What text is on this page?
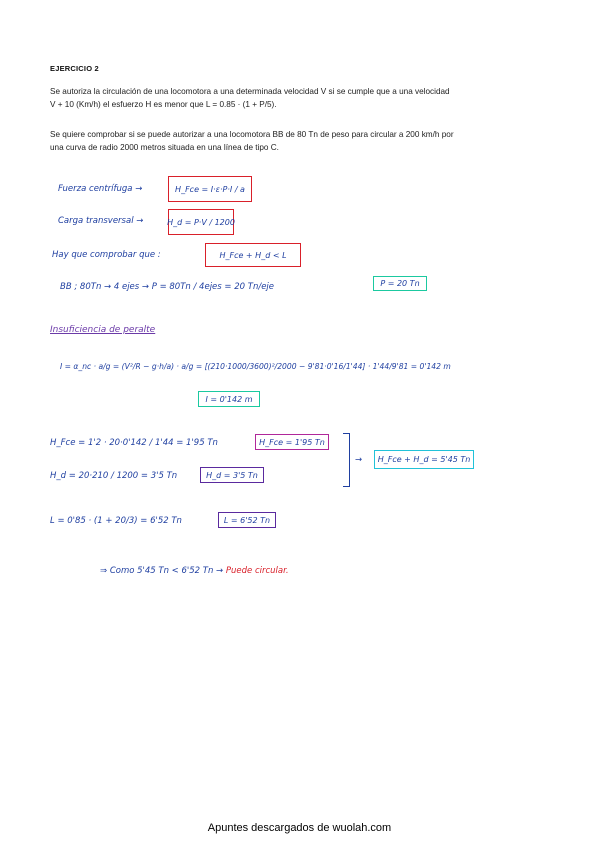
EJERCICIO 2
Se autoriza la circulación de una locomotora a una determinada velocidad V si se cumple que a una velocidad
V + 10 (Km/h) el esfuerzo H es menor que L = 0.85 · (1 + P/5).
Se quiere comprobar si se puede autorizar a una locomotora BB de 80 Tn de peso para circular a 200 km/h por
una curva de radio 2000 metros situada en una línea de tipo C.
Fuerza centrífuga →	H_Fce = I·ε·P·I / a
Carga transversal →	H_d = P·V / 1200
Hay que comprobar que :	H_Fce + H_d < L
BB ; 80Tn → 4 ejes → P = 80Tn / 4ejes = 20 Tn/eje	P = 20 Tn
Insuficiencia de peralte
I = α_nc · a/g = (V²/R − g·h/a) · a/g = [(210·1000/3600)²/2000 − 9'81·0'16/1'44] · 1'44/9'81 = 0'142 m
I = 0'142 m
H_Fce = 1'2 · 20·0'142 / 1'44 = 1'95 Tn	H_Fce = 1'95 Tn
H_d = 20·210 / 1200 = 3'5 Tn	H_d = 3'5 Tn
→	H_Fce + H_d = 5'45 Tn
L = 0'85 · (1 + 20/3) = 6'52 Tn	L = 6'52 Tn
⇒ Como 5'45 Tn < 6'52 Tn → Puede circular.
Apuntes descargados de wuolah.com
